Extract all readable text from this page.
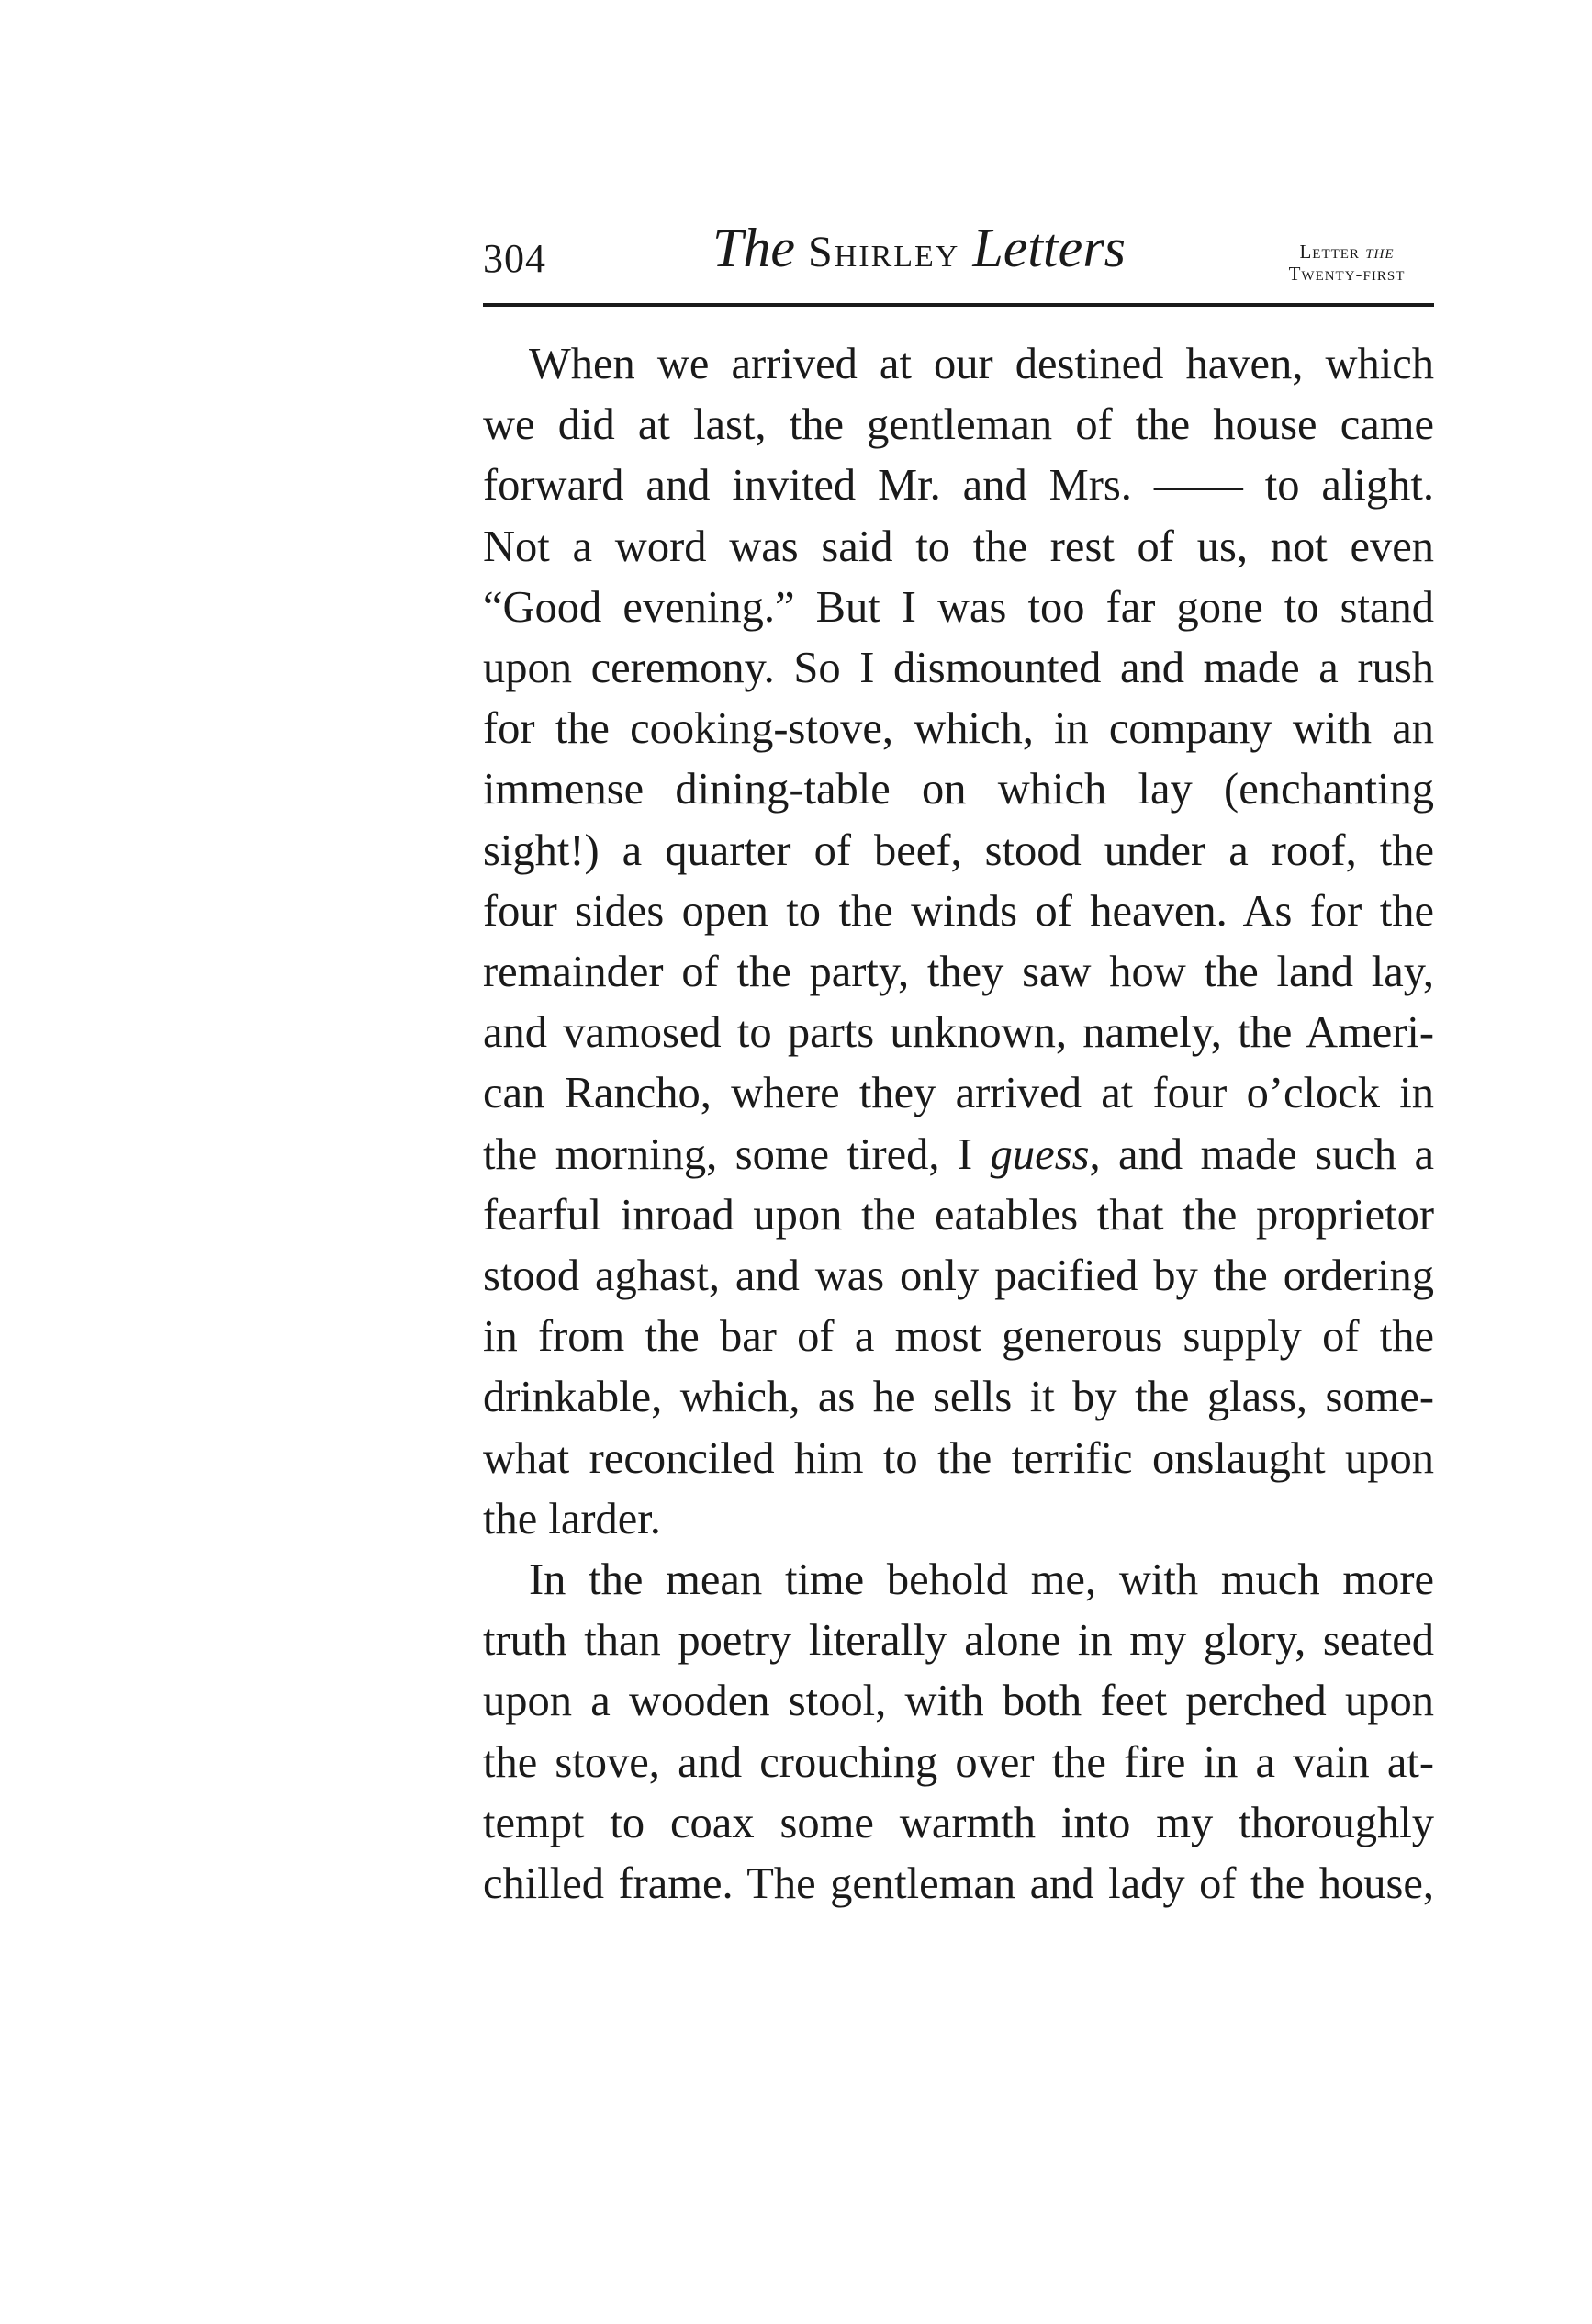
304	The Shirley Letters	Letter the
Twenty-first
When we arrived at our destined haven, which
we did at last, the gentleman of the house came
forward and invited Mr. and Mrs. —— to alight.
Not a word was said to the rest of us, not even
“Good evening.” But I was too far gone to stand
upon ceremony. So I dismounted and made a rush
for the cooking-stove, which, in company with an
immense dining-table on which lay (enchanting
sight!) a quarter of beef, stood under a roof, the
four sides open to the winds of heaven. As for the
remainder of the party, they saw how the land lay,
and vamosed to parts unknown, namely, the Ameri-
can Rancho, where they arrived at four o’clock in
the morning, some tired, I guess, and made such a
fearful inroad upon the eatables that the proprietor
stood aghast, and was only pacified by the ordering
in from the bar of a most generous supply of the
drinkable, which, as he sells it by the glass, some-
what reconciled him to the terrific onslaught upon
the larder.
In the mean time behold me, with much more
truth than poetry literally alone in my glory, seated
upon a wooden stool, with both feet perched upon
the stove, and crouching over the fire in a vain at-
tempt to coax some warmth into my thoroughly
chilled frame. The gentleman and lady of the house,
